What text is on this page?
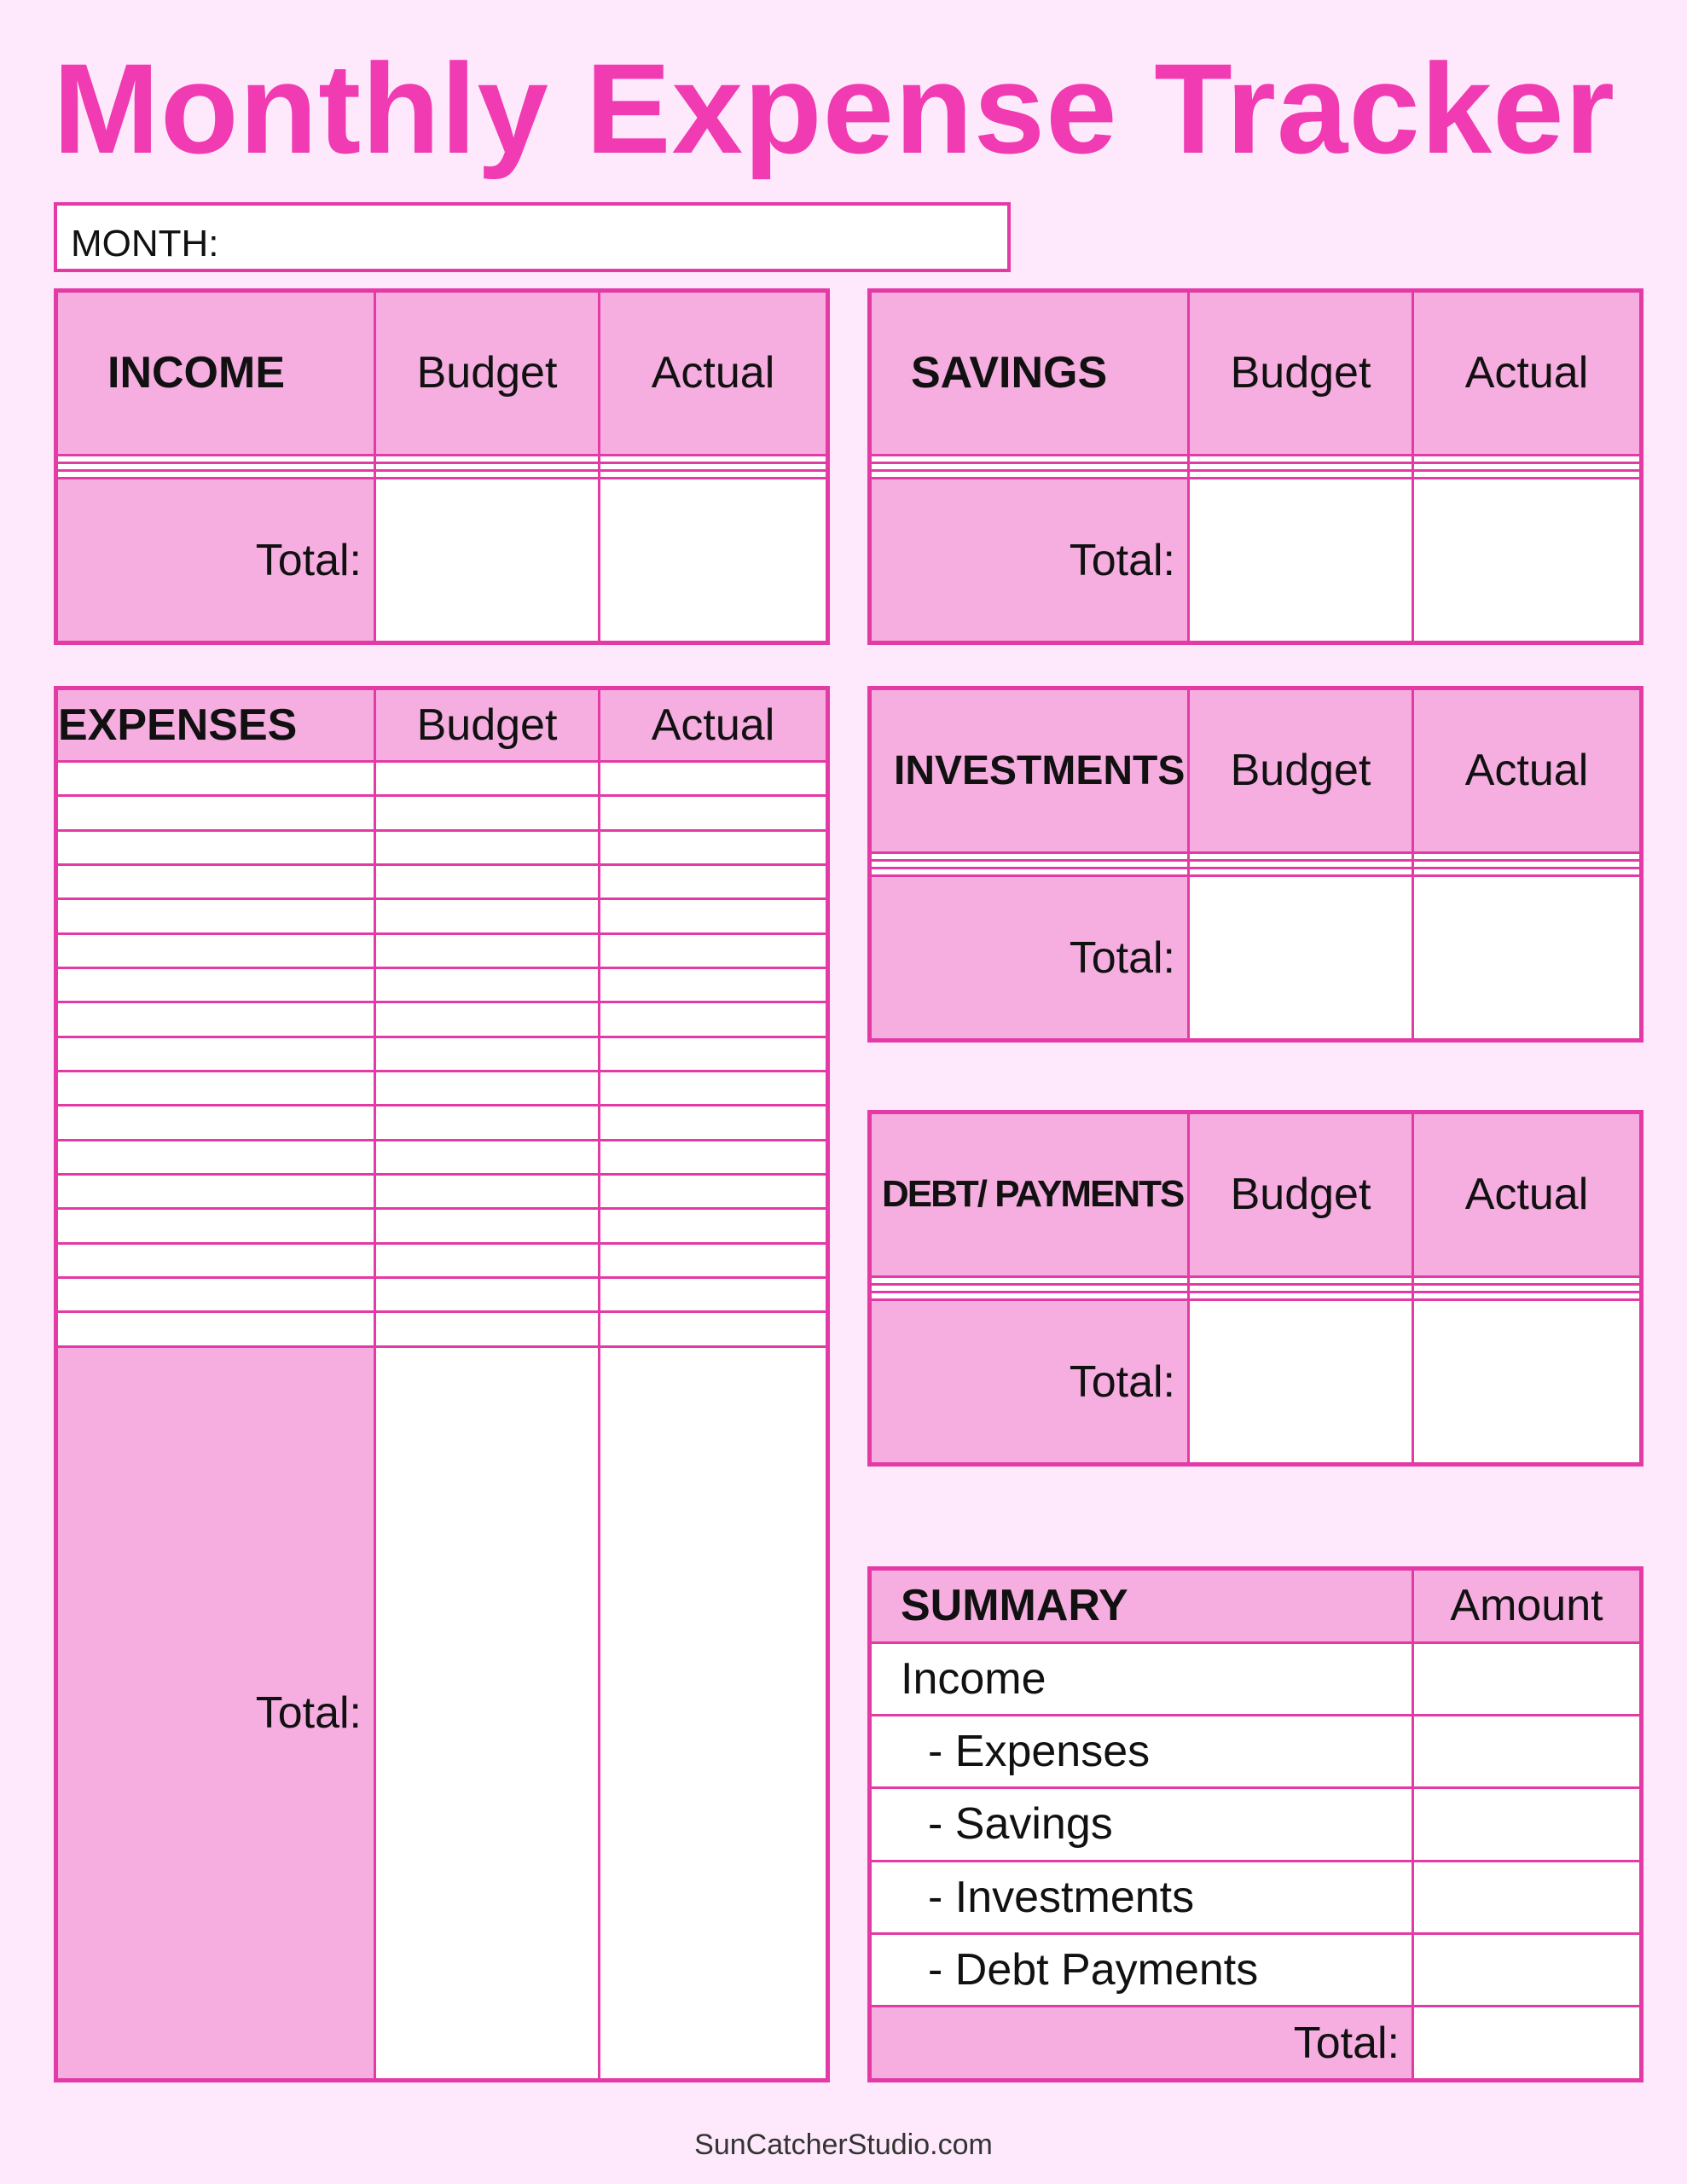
Monthly Expense Tracker
MONTH:
INCOME	Budget	Actual

Total:		
SAVINGS	Budget	Actual

Total:		
EXPENSES	Budget	Actual

Total:		
INVESTMENTS	Budget	Actual

Total:		
DEBT/ PAYMENTS	Budget	Actual

Total:		
SUMMARY	Amount
Income	
- Expenses	
- Savings	
- Investments	
- Debt Payments	
Total:	
SunCatcherStudio.com
